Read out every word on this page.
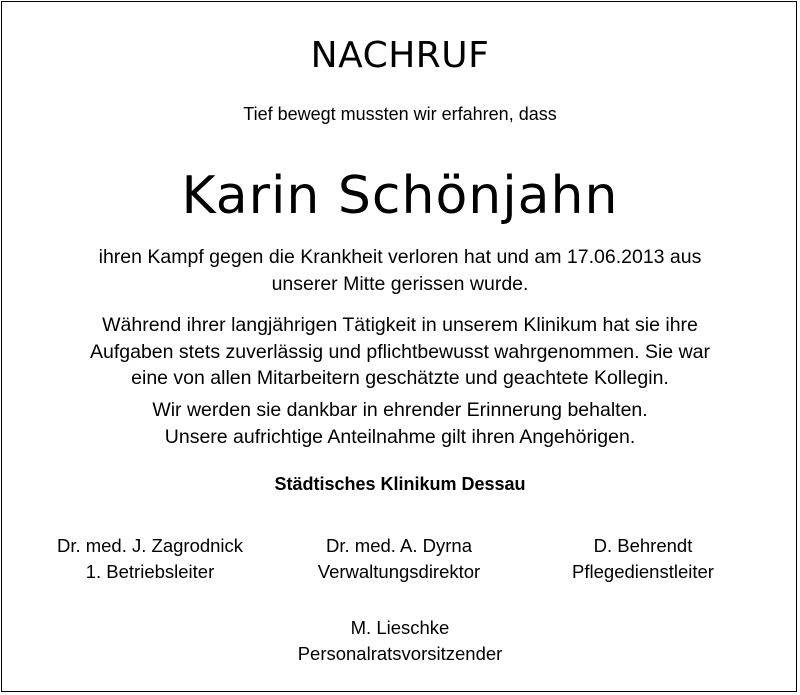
NACHRUF
Tief bewegt mussten wir erfahren, dass
Karin Schönjahn
ihren Kampf gegen die Krankheit verloren hat und am 17.06.2013 aus
unserer Mitte gerissen wurde.
Während ihrer langjährigen Tätigkeit in unserem Klinikum hat sie ihre
Aufgaben stets zuverlässig und pflichtbewusst wahrgenommen. Sie war
eine von allen Mitarbeitern geschätzte und geachtete Kollegin.
Wir werden sie dankbar in ehrender Erinnerung behalten.
Unsere aufrichtige Anteilnahme gilt ihren Angehörigen.
Städtisches Klinikum Dessau
Dr. med. J. Zagrodnick
1. Betriebsleiter
Dr. med. A. Dyrna
Verwaltungsdirektor
D. Behrendt
Pflegedienstleiter
M. Lieschke
Personalratsvorsitzender
